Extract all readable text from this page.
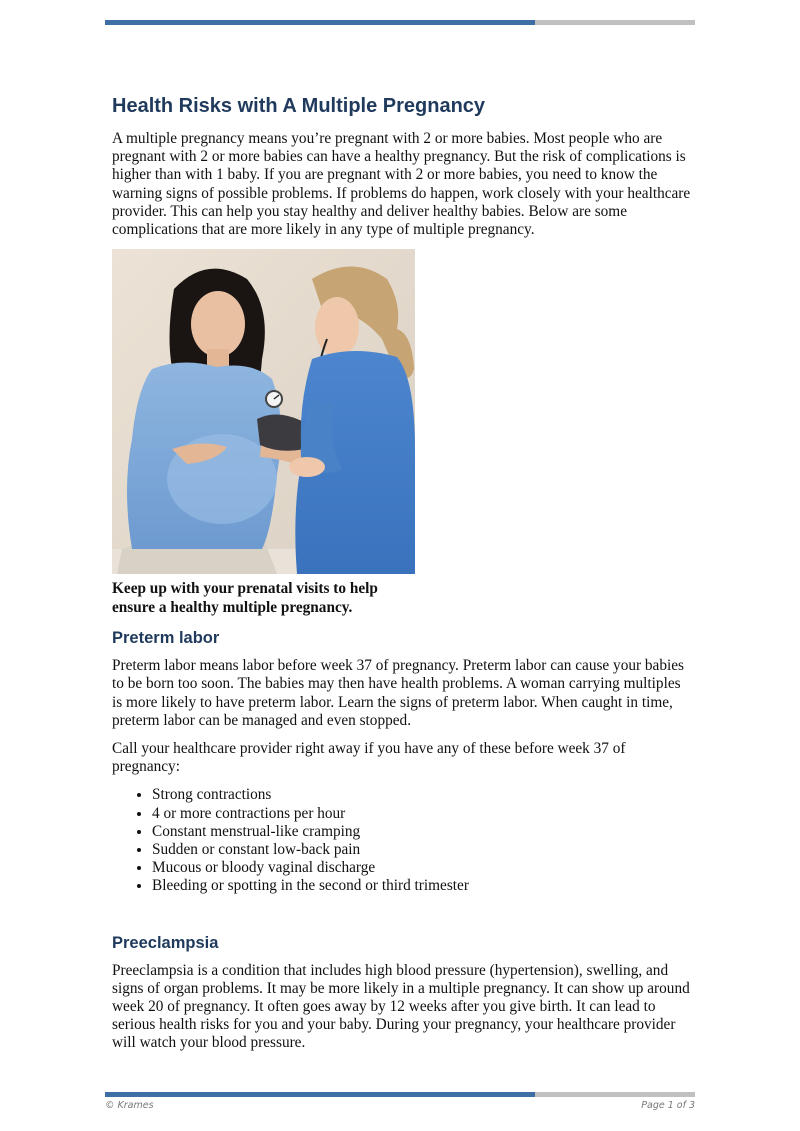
Health Risks with A Multiple Pregnancy

A multiple pregnancy means you’re pregnant with 2 or more babies. Most people who are pregnant with 2 or more babies can have a healthy pregnancy. But the risk of complications is higher than with 1 baby. If you are pregnant with 2 or more babies, you need to know the warning signs of possible problems. If problems do happen, work closely with your healthcare provider. This can help you stay healthy and deliver healthy babies. Below are some complications that are more likely in any type of multiple pregnancy.

Keep up with your prenatal visits to help
ensure a healthy multiple pregnancy.
Preterm labor

Preterm labor means labor before week 37 of pregnancy. Preterm labor can cause your babies to be born too soon. The babies may then have health problems. A woman carrying multiples is more likely to have preterm labor. Learn the signs of preterm labor. When caught in time, preterm labor can be managed and even stopped.

Call your healthcare provider right away if you have any of these before week 37 of pregnancy:

• Strong contractions
• 4 or more contractions per hour
• Constant menstrual-like cramping
• Sudden or constant low-back pain
• Mucous or bloody vaginal discharge
• Bleeding or spotting in the second or third trimester
Preeclampsia

Preeclampsia is a condition that includes high blood pressure (hypertension), swelling, and signs of organ problems. It may be more likely in a multiple pregnancy. It can show up around week 20 of pregnancy. It often goes away by 12 weeks after you give birth. It can lead to serious health risks for you and your baby. During your pregnancy, your healthcare provider will watch your blood pressure.

© Krames	Page 1 of 3
